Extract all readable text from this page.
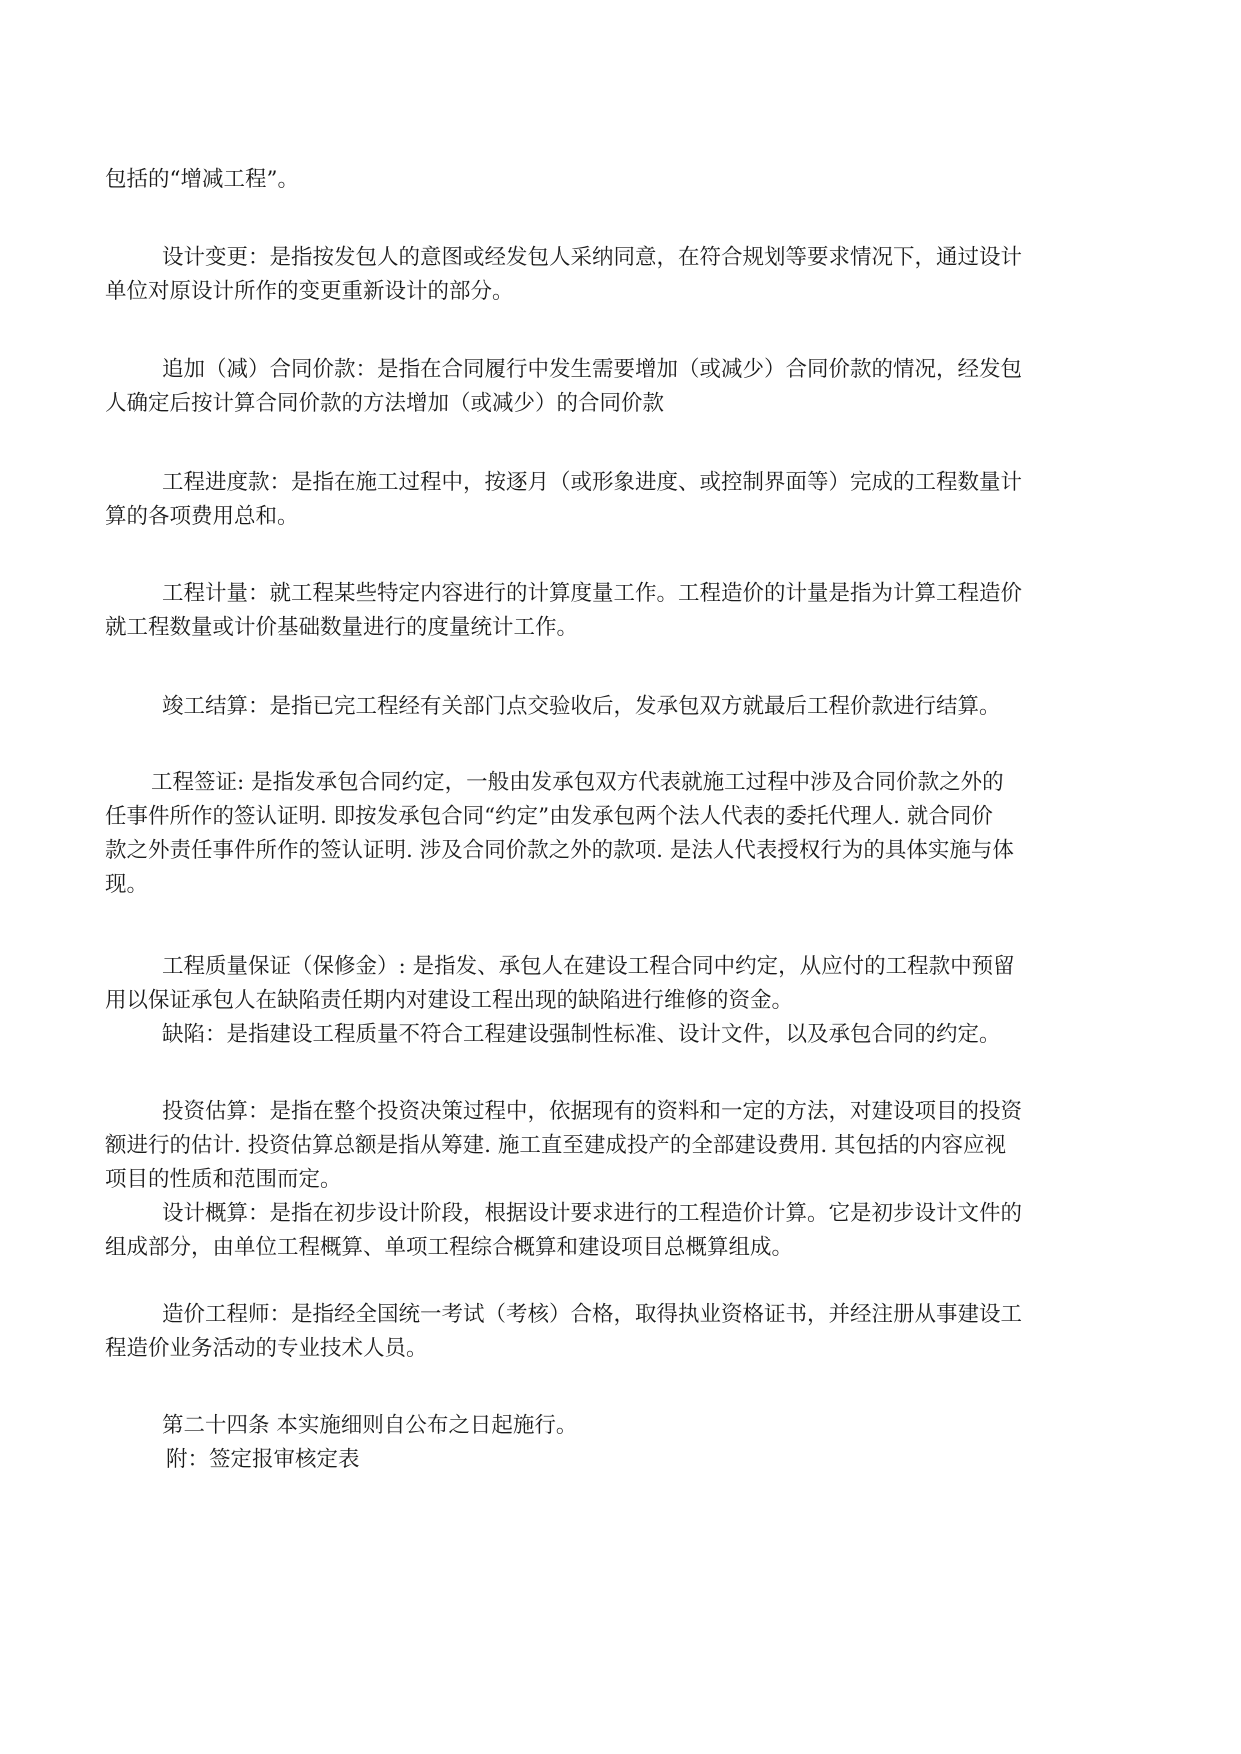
包括的“增减工程”。
设计变更：是指按发包人的意图或经发包人采纳同意，在符合规划等要求情况下，通过设计
单位对原设计所作的变更重新设计的部分。
追加（减）合同价款：是指在合同履行中发生需要增加（或减少）合同价款的情况，经发包
人确定后按计算合同价款的方法增加（或减少）的合同价款
工程进度款：是指在施工过程中，按逐月（或形象进度、或控制界面等）完成的工程数量计
算的各项费用总和。
工程计量：就工程某些特定内容进行的计算度量工作。工程造价的计量是指为计算工程造价
就工程数量或计价基础数量进行的度量统计工作。
竣工结算：是指已完工程经有关部门点交验收后，发承包双方就最后工程价款进行结算。
工程签证: 是指发承包合同约定，一般由发承包双方代表就施工过程中涉及合同价款之外的
任事件所作的签认证明. 即按发承包合同“约定”由发承包两个法人代表的委托代理人. 就合同价
款之外责任事件所作的签认证明. 涉及合同价款之外的款项. 是法人代表授权行为的具体实施与体
现。
工程质量保证（保修金）: 是指发、承包人在建设工程合同中约定，从应付的工程款中预留
用以保证承包人在缺陷责任期内对建设工程出现的缺陷进行维修的资金。
缺陷：是指建设工程质量不符合工程建设强制性标准、设计文件，以及承包合同的约定。
投资估算：是指在整个投资决策过程中，依据现有的资料和一定的方法，对建设项目的投资
额进行的估计. 投资估算总额是指从筹建. 施工直至建成投产的全部建设费用. 其包括的内容应视
项目的性质和范围而定。
设计概算：是指在初步设计阶段，根据设计要求进行的工程造价计算。它是初步设计文件的
组成部分，由单位工程概算、单项工程综合概算和建设项目总概算组成。
造价工程师：是指经全国统一考试（考核）合格，取得执业资格证书，并经注册从事建设工
程造价业务活动的专业技术人员。
第二十四条 本实施细则自公布之日起施行。
附：签定报审核定表
